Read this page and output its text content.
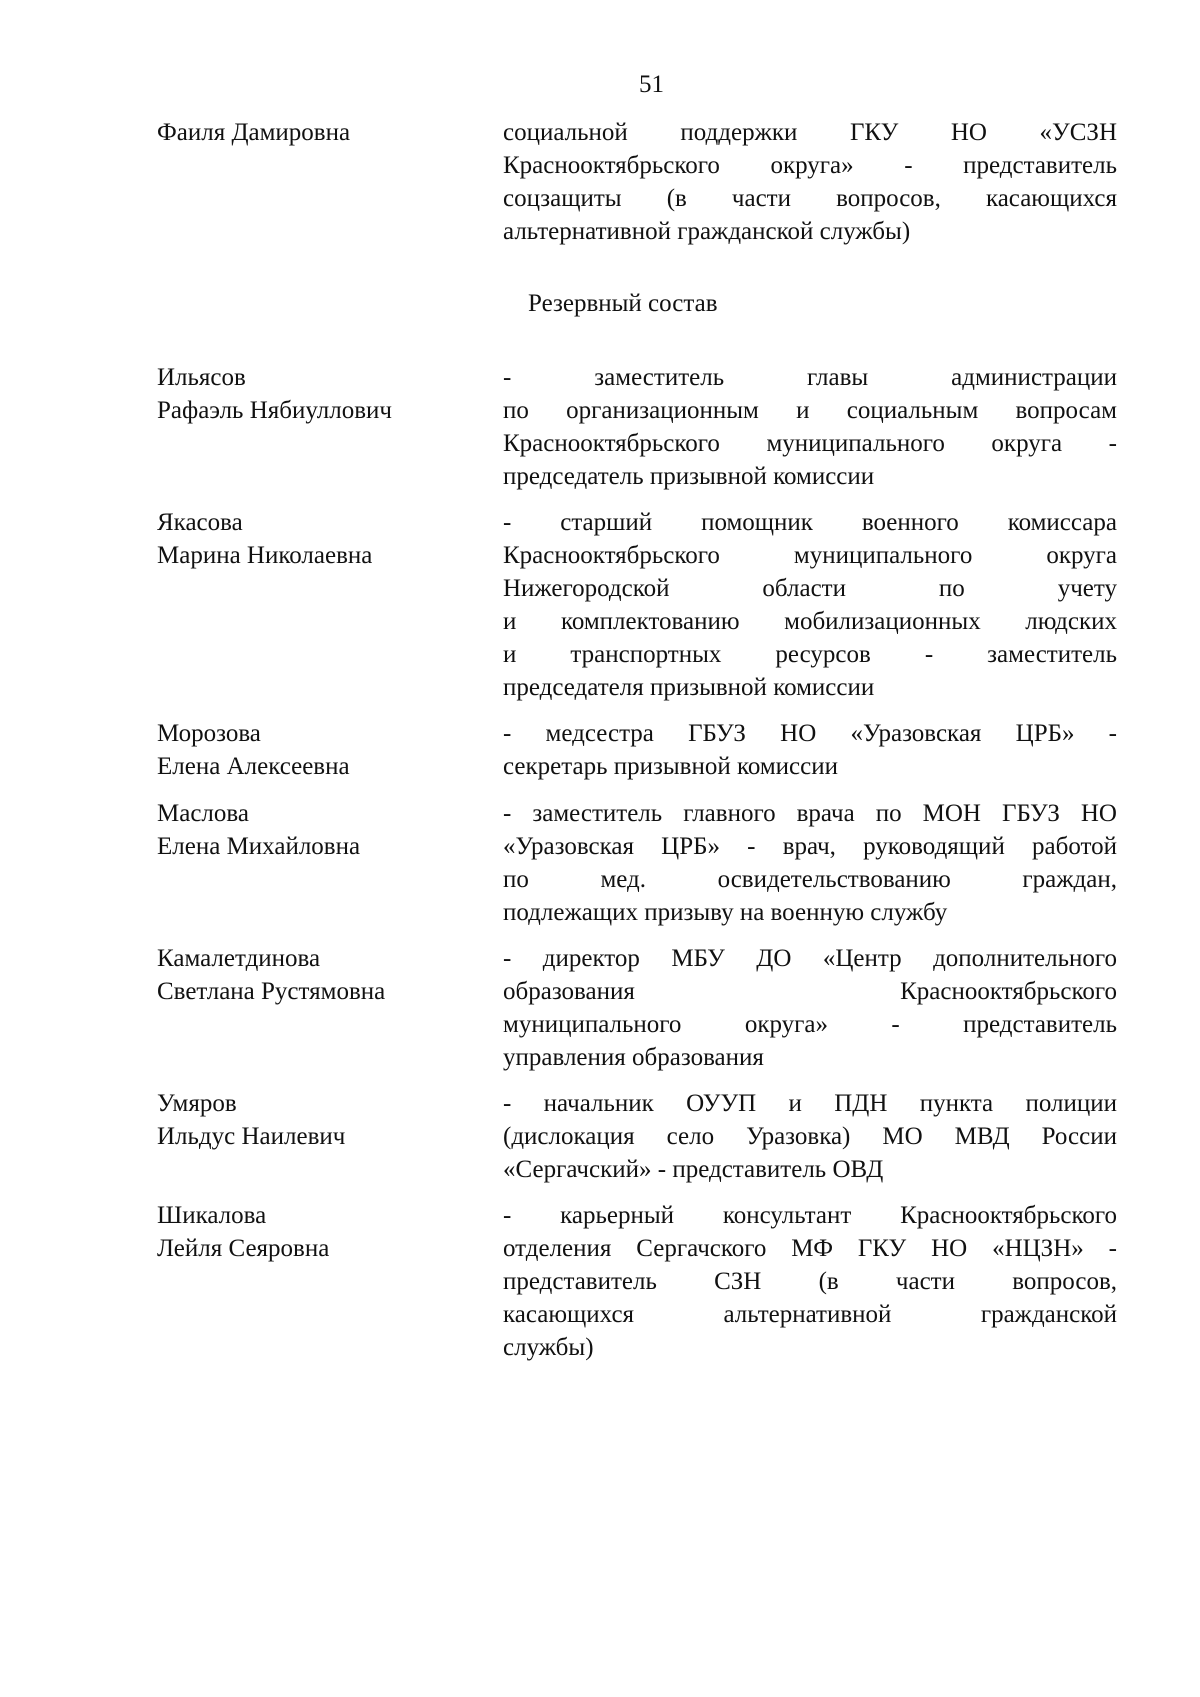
51
Фаиля Дамировна	социальной поддержки ГКУ НО «УСЗН
Краснооктябрьского округа» - представитель
соцзащиты (в части вопросов, касающихся
альтернативной гражданской службы)
Резервный состав
Ильясов
Рафаэль Нябиуллович
- заместитель главы администрации
по организационным и социальным вопросам
Краснооктябрьского муниципального округа -
председатель призывной комиссии
Якасова
Марина Николаевна
- старший помощник военного комиссара
Краснооктябрьского муниципального округа
Нижегородской области по учету
и комплектованию мобилизационных людских
и транспортных ресурсов - заместитель
председателя призывной комиссии
Морозова
Елена Алексеевна
- медсестра ГБУЗ НО «Уразовская ЦРБ» -
секретарь призывной комиссии
Маслова
Елена Михайловна
- заместитель главного врача по МОН ГБУЗ НО
«Уразовская ЦРБ» - врач, руководящий работой
по мед. освидетельствованию граждан,
подлежащих призыву на военную службу
Камалетдинова
Светлана Рустямовна
- директор МБУ ДО «Центр дополнительного
образования Краснооктябрьского
муниципального округа» - представитель
управления образования
Умяров
Ильдус Наилевич
- начальник ОУУП и ПДН пункта полиции
(дислокация село Уразовка) МО МВД России
«Сергачский» - представитель ОВД
Шикалова
Лейля Сеяровна
- карьерный консультант Краснооктябрьского
отделения Сергачского МФ ГКУ НО «НЦЗН» -
представитель СЗН (в части вопросов,
касающихся альтернативной гражданской
службы)
